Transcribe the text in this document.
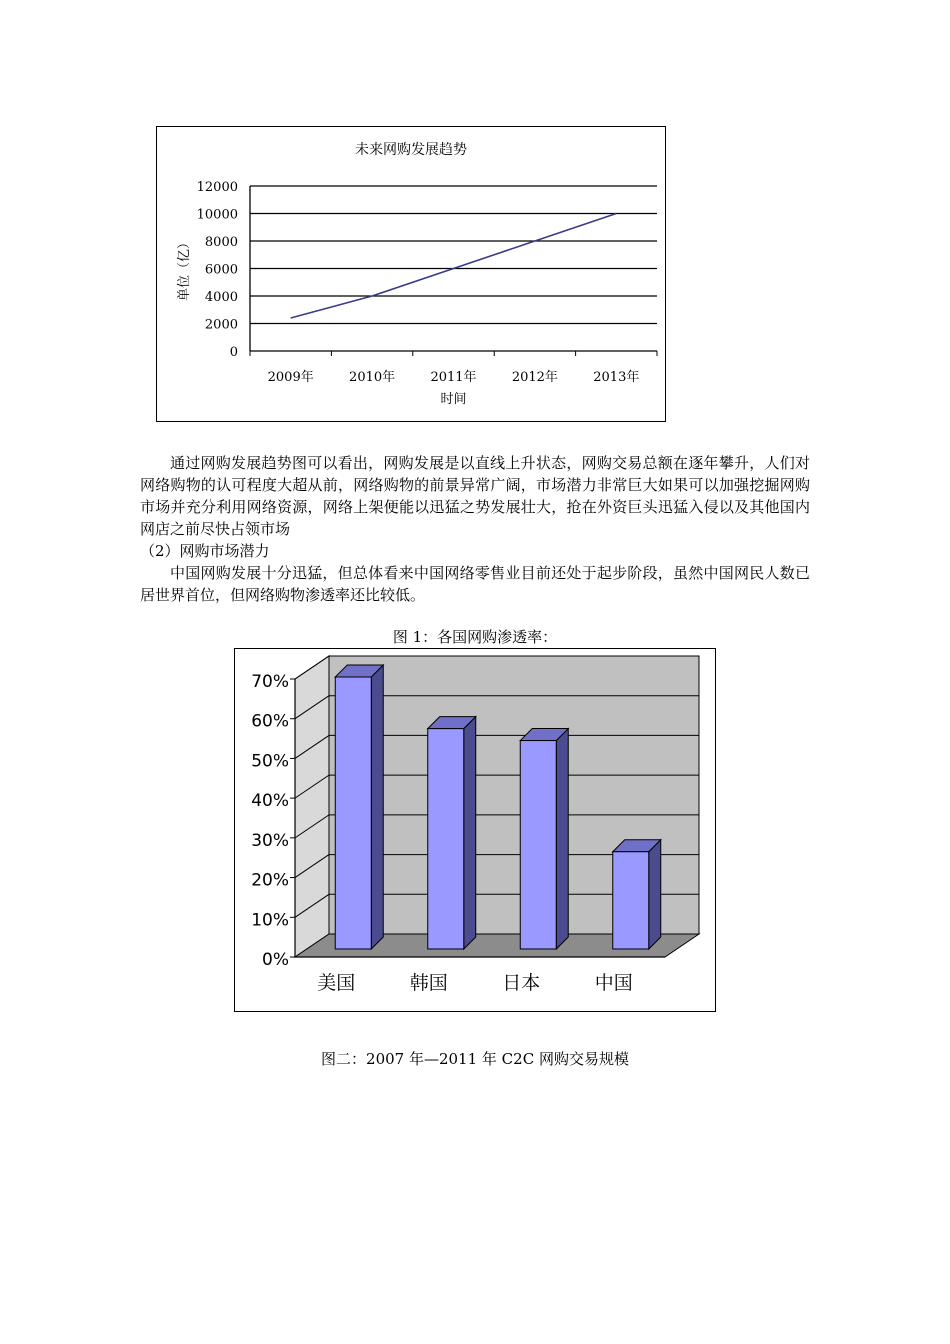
未来网购发展趋势
0
2000
4000
6000
8000
10000
12000
2009年	2010年	2011年	2012年	2013年
时间
单位（亿）

通过网购发展趋势图可以看出，网购发展是以直线上升状态，网购交易总额在逐年攀升，人们对网络购物的认可程度大超从前，网络购物的前景异常广阔，市场潜力非常巨大如果可以加强挖掘网购市场并充分利用网络资源，网络上架便能以迅猛之势发展壮大，抢在外资巨头迅猛入侵以及其他国内网店之前尽快占领市场

（2）网购市场潜力

中国网购发展十分迅猛，但总体看来中国网络零售业目前还处于起步阶段，虽然中国网民人数已居世界首位，但网络购物渗透率还比较低。

图 1：各国网购渗透率：
0%
10%
20%
30%
40%
50%
60%
70%
美国	韩国	日本	中国
图二：2007 年—2011 年 C2C 网购交易规模
